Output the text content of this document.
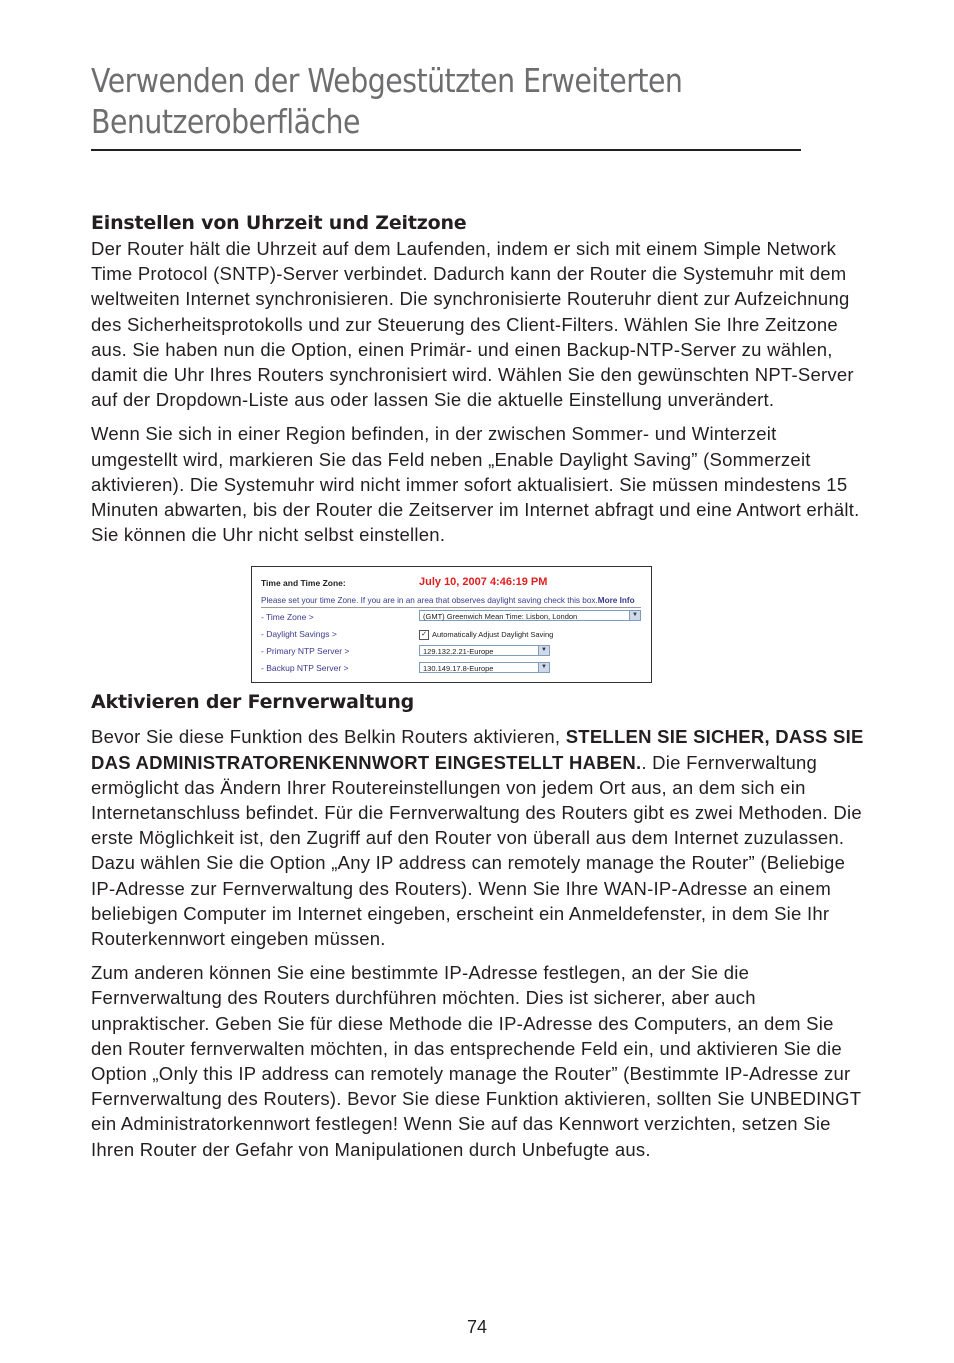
Verwenden der Webgestützten Erweiterten
Benutzeroberfläche
Einstellen von Uhrzeit und Zeitzone

Der Router hält die Uhrzeit auf dem Laufenden, indem er sich mit einem Simple Network Time Protocol (SNTP)-Server verbindet. Dadurch kann der Router die Systemuhr mit dem weltweiten Internet synchronisieren. Die synchronisierte Routeruhr dient zur Aufzeichnung des Sicherheitsprotokolls und zur Steuerung des Client-Filters. Wählen Sie Ihre Zeitzone aus. Sie haben nun die Option, einen Primär- und einen Backup-NTP-Server zu wählen, damit die Uhr Ihres Routers synchronisiert wird. Wählen Sie den gewünschten NPT-Server auf der Dropdown-Liste aus oder lassen Sie die aktuelle Einstellung unverändert.

Wenn Sie sich in einer Region befinden, in der zwischen Sommer- und Winterzeit umgestellt wird, markieren Sie das Feld neben „Enable Daylight Saving” (Sommerzeit aktivieren). Die Systemuhr wird nicht immer sofort aktualisiert. Sie müssen mindestens 15 Minuten abwarten, bis der Router die Zeitserver im Internet abfragt und eine Antwort erhält. Sie können die Uhr nicht selbst einstellen.

Time and Time Zone:	July 10, 2007 4:46:19 PM
Please set your time Zone. If you are in an area that observes daylight saving check this box.More Info
- Time Zone >	(GMT) Greenwich Mean Time: Lisbon, London	▼
- Daylight Savings >	✓ Automatically Adjust Daylight Saving
- Primary NTP Server >	129.132.2.21-Europe	▼
- Backup NTP Server >	130.149.17.8-Europe	▼
Aktivieren der Fernverwaltung

Bevor Sie diese Funktion des Belkin Routers aktivieren, STELLEN SIE SICHER, DASS SIE DAS ADMINISTRATORENKENNWORT EINGESTELLT HABEN.. Die Fernverwaltung ermöglicht das Ändern Ihrer Routereinstellungen von jedem Ort aus, an dem sich ein Internetanschluss befindet. Für die Fernverwaltung des Routers gibt es zwei Methoden. Die erste Möglichkeit ist, den Zugriff auf den Router von überall aus dem Internet zuzulassen. Dazu wählen Sie die Option „Any IP address can remotely manage the Router” (Beliebige IP-Adresse zur Fernverwaltung des Routers). Wenn Sie Ihre WAN-IP-Adresse an einem beliebigen Computer im Internet eingeben, erscheint ein Anmeldefenster, in dem Sie Ihr Routerkennwort eingeben müssen.

Zum anderen können Sie eine bestimmte IP-Adresse festlegen, an der Sie die Fernverwaltung des Routers durchführen möchten. Dies ist sicherer, aber auch unpraktischer. Geben Sie für diese Methode die IP-Adresse des Computers, an dem Sie den Router fernverwalten möchten, in das entsprechende Feld ein, und aktivieren Sie die Option „Only this IP address can remotely manage the Router” (Bestimmte IP-Adresse zur Fernverwaltung des Routers). Bevor Sie diese Funktion aktivieren, sollten Sie UNBEDINGT ein Administratorkennwort festlegen! Wenn Sie auf das Kennwort verzichten, setzen Sie Ihren Router der Gefahr von Manipulationen durch Unbefugte aus.

74
